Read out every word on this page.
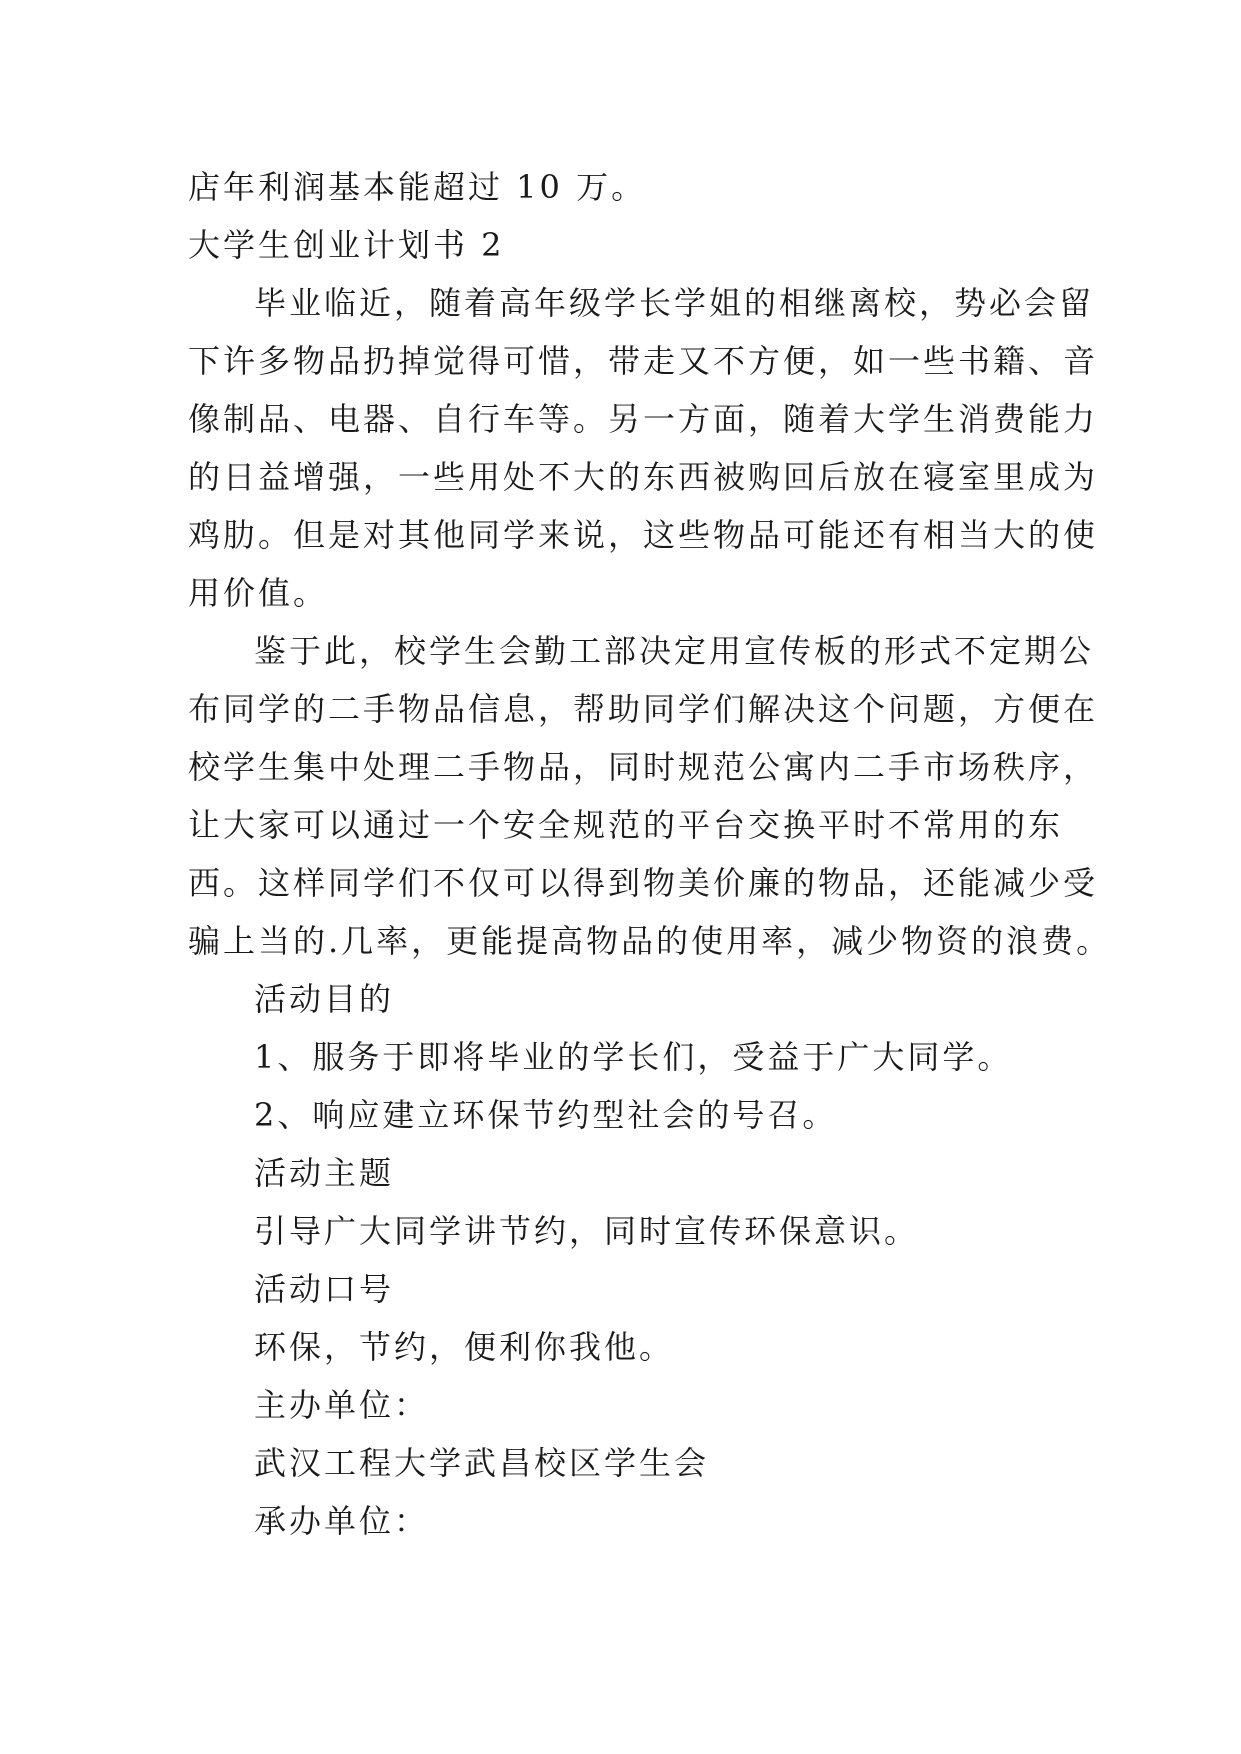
店年利润基本能超过 10 万。

大学生创业计划书 2

毕业临近，随着高年级学长学姐的相继离校，势必会留

下许多物品扔掉觉得可惜，带走又不方便，如一些书籍、音

像制品、电器、自行车等。另一方面，随着大学生消费能力

的日益增强，一些用处不大的东西被购回后放在寝室里成为

鸡肋。但是对其他同学来说，这些物品可能还有相当大的使

用价值。

鉴于此，校学生会勤工部决定用宣传板的形式不定期公

布同学的二手物品信息，帮助同学们解决这个问题，方便在

校学生集中处理二手物品，同时规范公寓内二手市场秩序，

让大家可以通过一个安全规范的平台交换平时不常用的东

西。这样同学们不仅可以得到物美价廉的物品，还能减少受

骗上当的.几率，更能提高物品的使用率，减少物资的浪费。

活动目的

1、服务于即将毕业的学长们，受益于广大同学。

2、响应建立环保节约型社会的号召。

活动主题

引导广大同学讲节约，同时宣传环保意识。

活动口号

环保，节约，便利你我他。

主办单位：

武汉工程大学武昌校区学生会

承办单位：
